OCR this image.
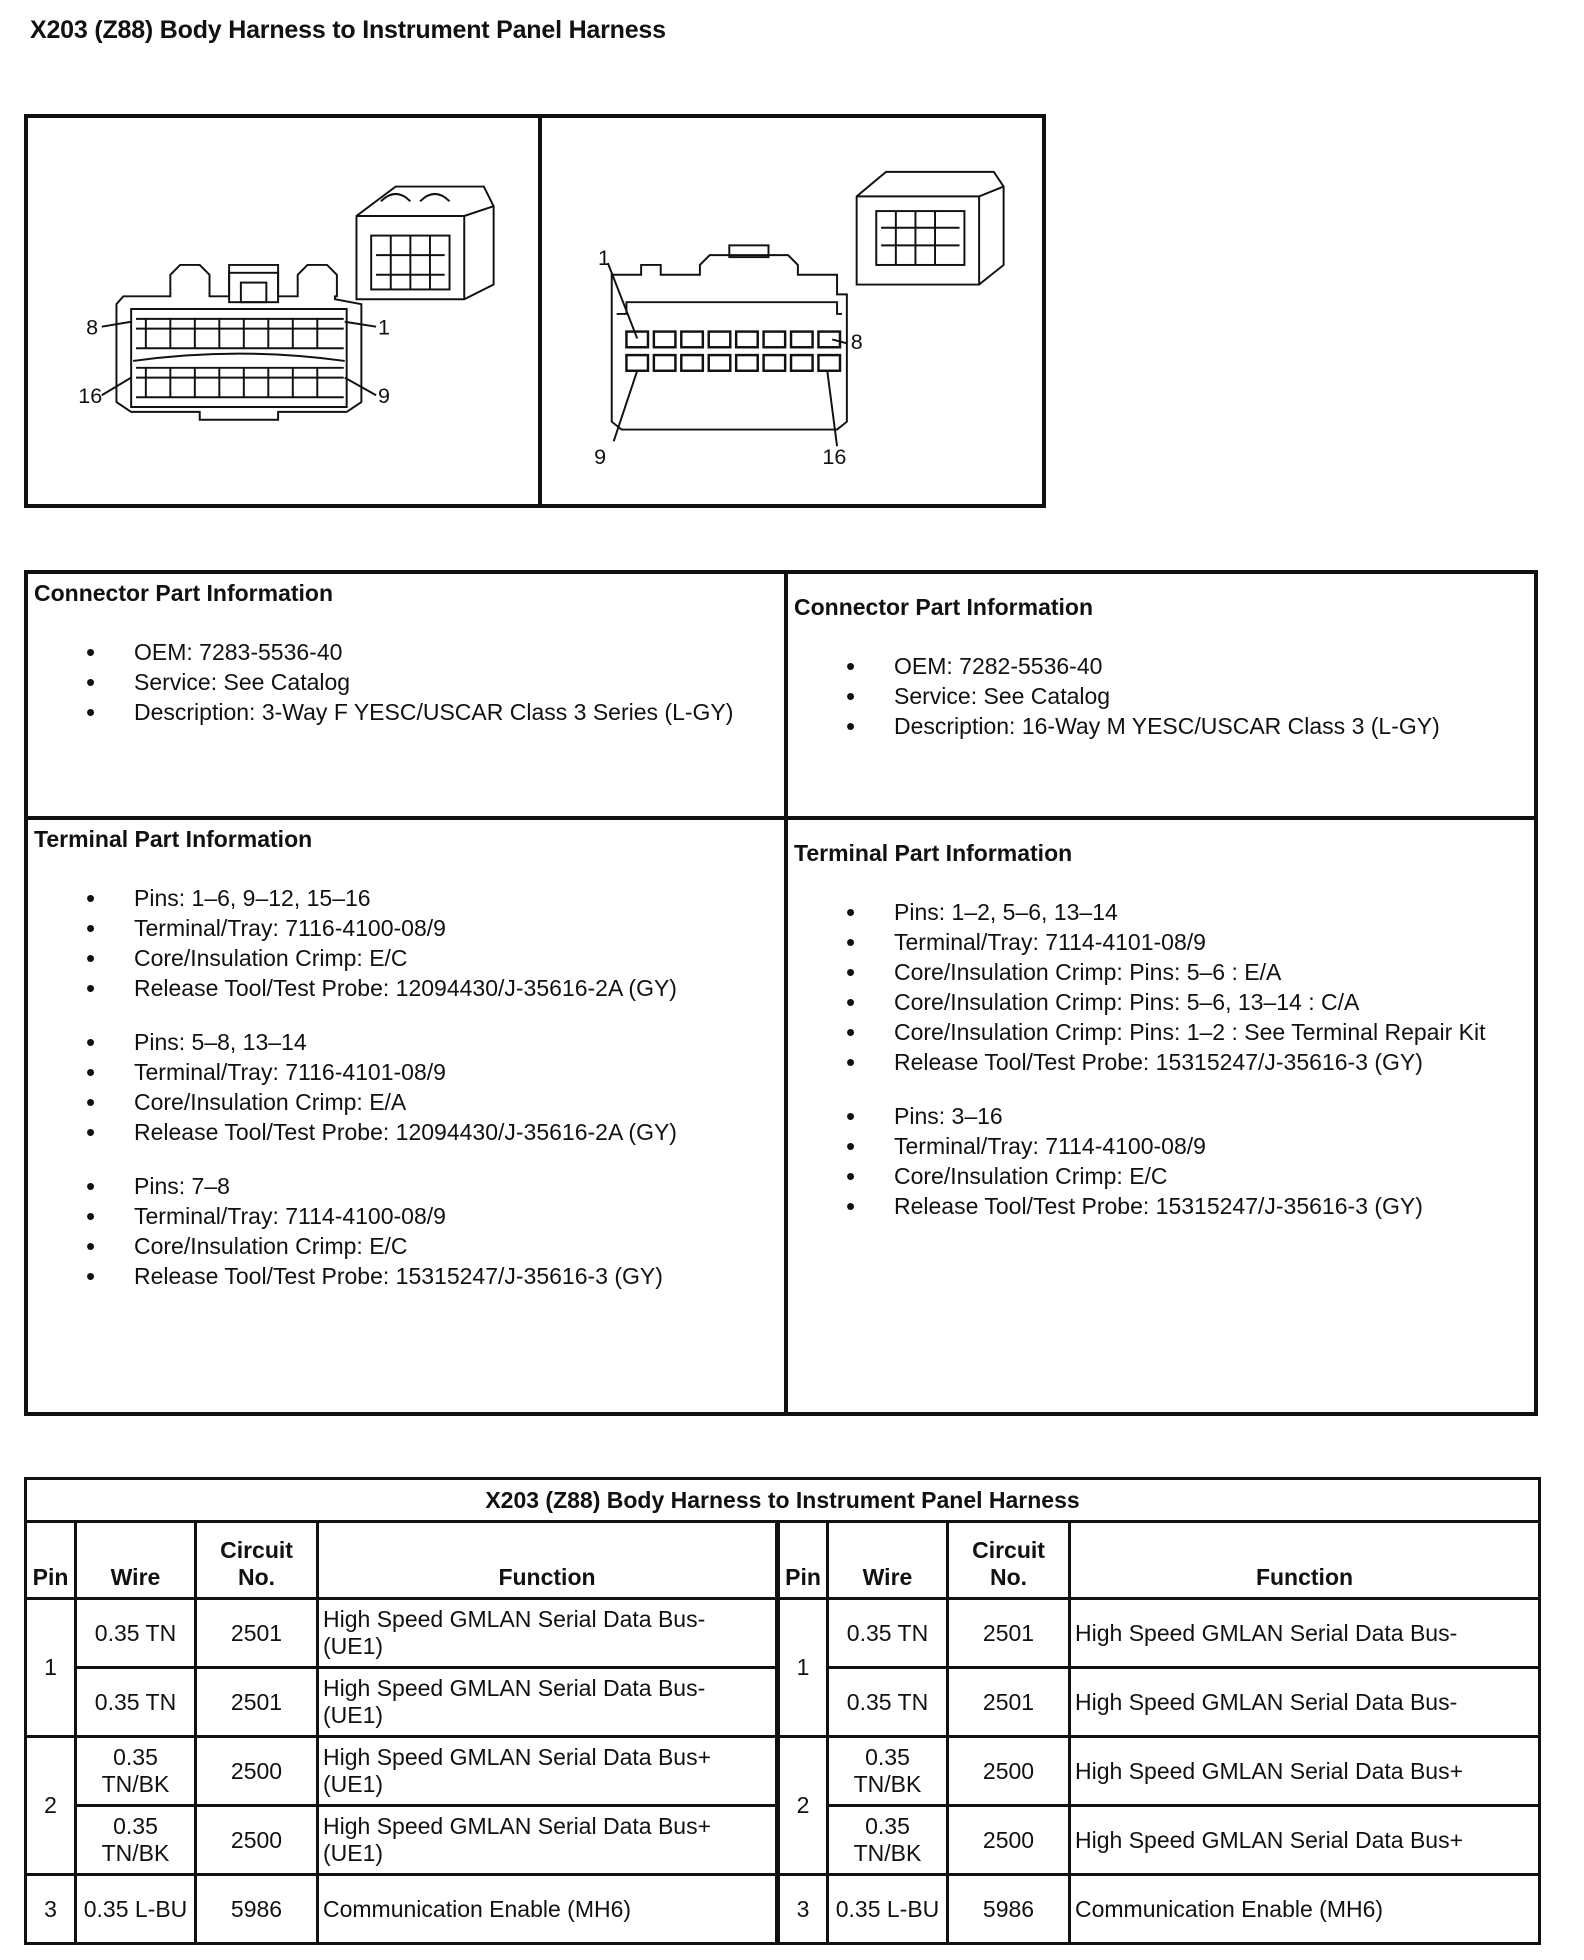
X203 (Z88) Body Harness to Instrument Panel Harness
8	1
16	9
1
8
9	16
Connector Part Information
• OEM: 7283-5536-40
• Service: See Catalog
• Description: 3-Way F YESC/USCAR Class 3 Series (L-GY)
Connector Part Information
• OEM: 7282-5536-40
• Service: See Catalog
• Description: 16-Way M YESC/USCAR Class 3 (L-GY)
Terminal Part Information
• Pins: 1–6, 9–12, 15–16
• Terminal/Tray: 7116-4100-08/9
• Core/Insulation Crimp: E/C
• Release Tool/Test Probe: 12094430/J-35616-2A (GY)
• Pins: 5–8, 13–14
• Terminal/Tray: 7116-4101-08/9
• Core/Insulation Crimp: E/A
• Release Tool/Test Probe: 12094430/J-35616-2A (GY)
• Pins: 7–8
• Terminal/Tray: 7114-4100-08/9
• Core/Insulation Crimp: E/C
• Release Tool/Test Probe: 15315247/J-35616-3 (GY)
Terminal Part Information
• Pins: 1–2, 5–6, 13–14
• Terminal/Tray: 7114-4101-08/9
• Core/Insulation Crimp: Pins: 5–6 : E/A
• Core/Insulation Crimp: Pins: 5–6, 13–14 : C/A
• Core/Insulation Crimp: Pins: 1–2 : See Terminal Repair Kit
• Release Tool/Test Probe: 15315247/J-35616-3 (GY)
• Pins: 3–16
• Terminal/Tray: 7114-4100-08/9
• Core/Insulation Crimp: E/C
• Release Tool/Test Probe: 15315247/J-35616-3 (GY)
X203 (Z88) Body Harness to Instrument Panel Harness							
Pin	Wire	Circuit No.	Function	Pin	Wire	Circuit No.	Function
1	0.35 TN	2501	High Speed GMLAN Serial Data Bus- (UE1)	1	0.35 TN	2501	High Speed GMLAN Serial Data Bus-
	0.35 TN	2501	High Speed GMLAN Serial Data Bus- (UE1)		0.35 TN	2501	High Speed GMLAN Serial Data Bus-
2	0.35 TN/BK	2500	High Speed GMLAN Serial Data Bus+ (UE1)	2	0.35 TN/BK	2500	High Speed GMLAN Serial Data Bus+
	0.35 TN/BK	2500	High Speed GMLAN Serial Data Bus+ (UE1)		0.35 TN/BK	2500	High Speed GMLAN Serial Data Bus+
3	0.35 L-BU	5986	Communication Enable (MH6)	3	0.35 L-BU	5986	Communication Enable (MH6)
